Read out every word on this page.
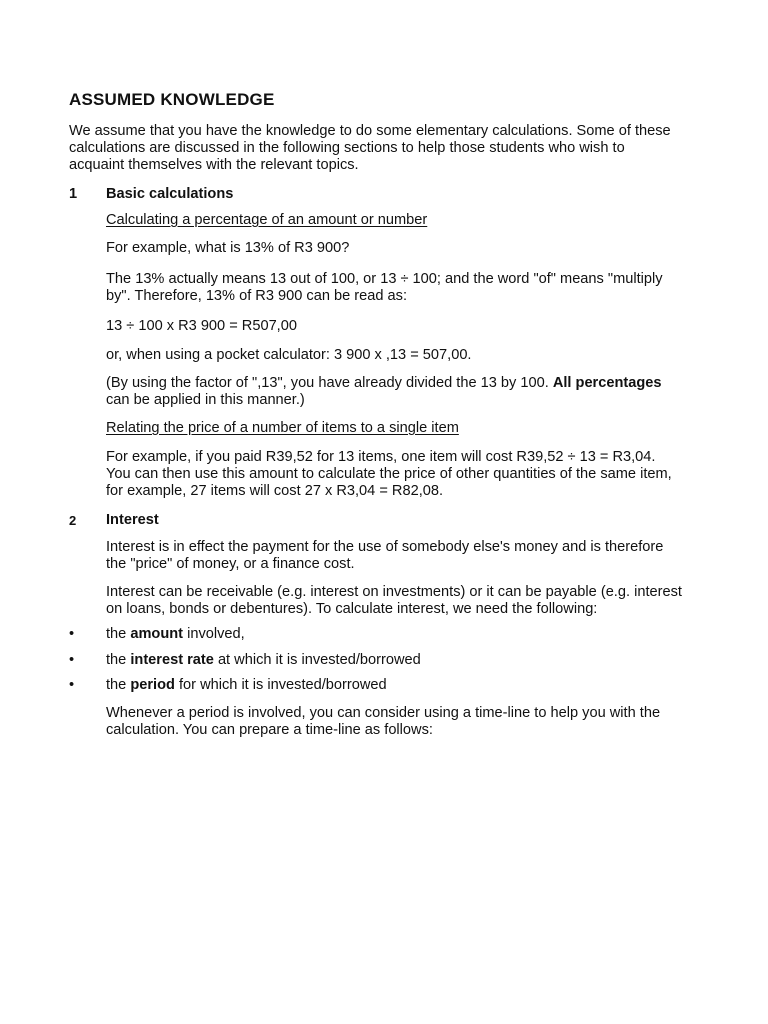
ASSUMED KNOWLEDGE
We assume that you have the knowledge to do some elementary calculations. Some of these
calculations are discussed in the following sections to help those students who wish to
acquaint themselves with the relevant topics.
1 Basic calculations
Calculating a percentage of an amount or number
For example, what is 13% of R3 900?
The 13% actually means 13 out of 100, or 13 ÷ 100; and the word "of" means "multiply
by". Therefore, 13% of R3 900 can be read as:
13 ÷ 100 x R3 900 = R507,00
or, when using a pocket calculator: 3 900 x ,13 = 507,00.
(By using the factor of ",13", you have already divided the 13 by 100. All percentages
can be applied in this manner.)
Relating the price of a number of items to a single item
For example, if you paid R39,52 for 13 items, one item will cost R39,52 ÷ 13 = R3,04.
You can then use this amount to calculate the price of other quantities of the same item,
for example, 27 items will cost 27 x R3,04 = R82,08.
2 Interest
Interest is in effect the payment for the use of somebody else's money and is therefore
the "price" of money, or a finance cost.
Interest can be receivable (e.g. interest on investments) or it can be payable (e.g. interest
on loans, bonds or debentures). To calculate interest, we need the following:
• the amount involved,
• the interest rate at which it is invested/borrowed
• the period for which it is invested/borrowed
Whenever a period is involved, you can consider using a time-line to help you with the
calculation. You can prepare a time-line as follows:
